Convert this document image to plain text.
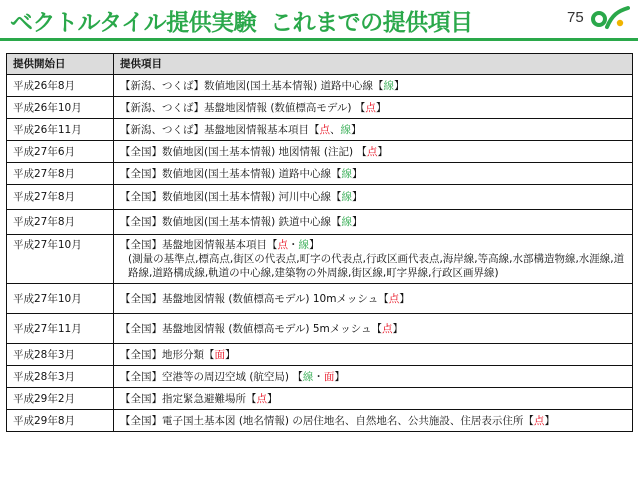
ベクトルタイル提供実験 これまでの提供項目	75
提供開始日	提供項目
平成26年8月	【新潟、つくば】数値地図(国土基本情報) 道路中心線【線】
平成26年10月	【新潟、つくば】基盤地図情報 (数値標高モデル) 【点】
平成26年11月	【新潟、つくば】基盤地図情報基本項目【点、線】
平成27年6月	【全国】数値地図(国土基本情報) 地図情報 (注記) 【点】
平成27年8月	【全国】数値地図(国土基本情報) 道路中心線【線】
平成27年8月	【全国】数値地図(国土基本情報) 河川中心線【線】
平成27年8月	【全国】数値地図(国土基本情報) 鉄道中心線【線】
平成27年10月	【全国】基盤地図情報基本項目【点・線】
(測量の基準点,標高点,街区の代表点,町字の代表点,行政区画代表点,海岸線,等高線,水部構造物線,水涯線,道路線,道路構成線,軌道の中心線,建築物の外周線,街区線,町字界線,行政区画界線)

平成27年10月	【全国】基盤地図情報 (数値標高モデル) 10mメッシュ【点】
平成27年11月	【全国】基盤地図情報 (数値標高モデル) 5mメッシュ【点】
平成28年3月	【全国】地形分類【面】
平成28年3月	【全国】空港等の周辺空域 (航空局) 【線・面】
平成29年2月	【全国】指定緊急避難場所【点】
平成29年8月	【全国】電子国土基本図 (地名情報) の居住地名、自然地名、公共施設、住居表示住所【点】
